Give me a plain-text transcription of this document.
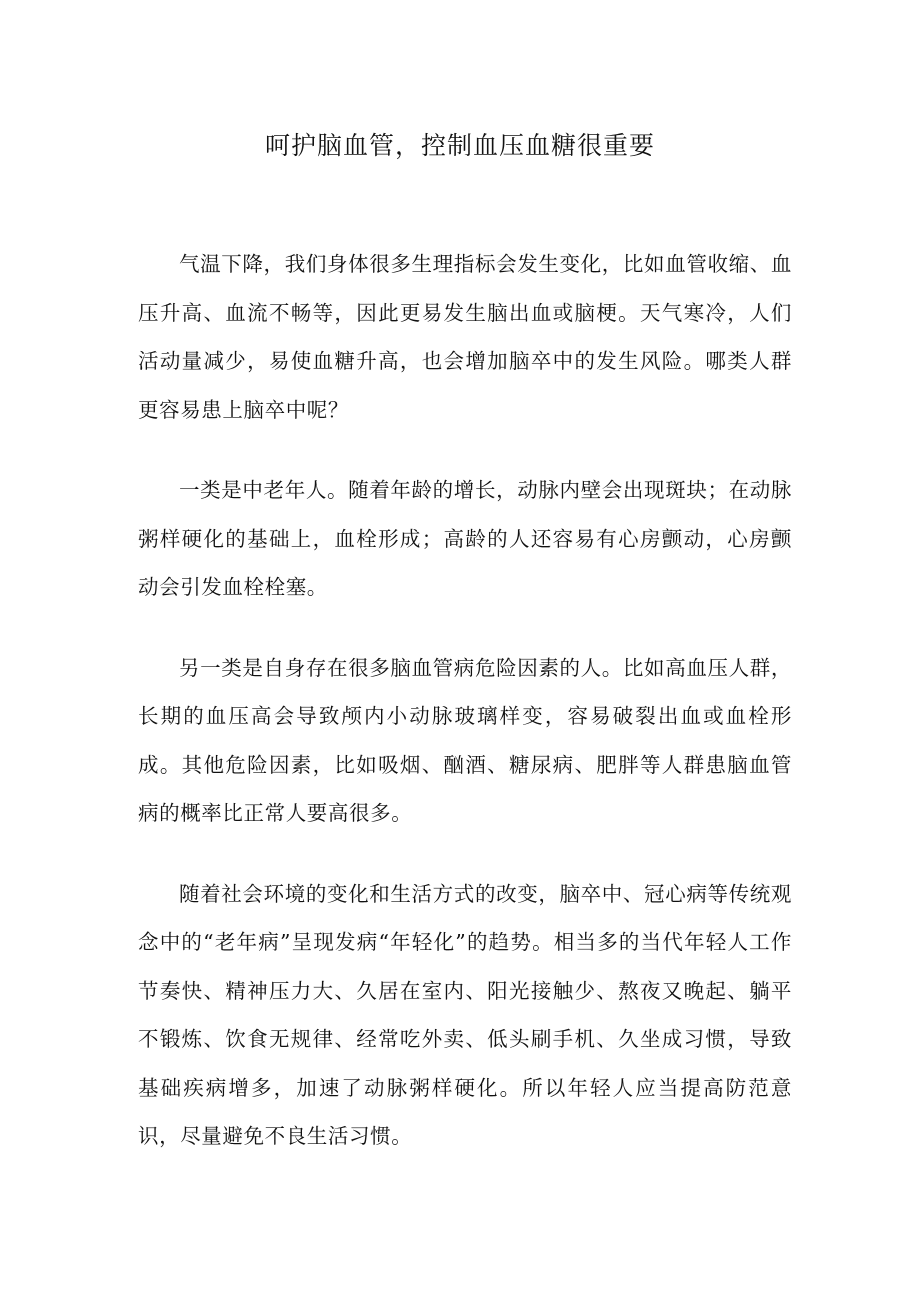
呵护脑血管，控制血压血糖很重要

气温下降，我们身体很多生理指标会发生变化，比如血管收缩、血压升高、血流不畅等，因此更易发生脑出血或脑梗。天气寒冷，人们活动量减少，易使血糖升高，也会增加脑卒中的发生风险。哪类人群更容易患上脑卒中呢？

一类是中老年人。随着年龄的增长，动脉内壁会出现斑块；在动脉粥样硬化的基础上，血栓形成；高龄的人还容易有心房颤动，心房颤动会引发血栓栓塞。

另一类是自身存在很多脑血管病危险因素的人。比如高血压人群，长期的血压高会导致颅内小动脉玻璃样变，容易破裂出血或血栓形成。其他危险因素，比如吸烟、酗酒、糖尿病、肥胖等人群患脑血管病的概率比正常人要高很多。

随着社会环境的变化和生活方式的改变，脑卒中、冠心病等传统观念中的“老年病”呈现发病“年轻化”的趋势。相当多的当代年轻人工作节奏快、精神压力大、久居在室内、阳光接触少、熬夜又晚起、躺平不锻炼、饮食无规律、经常吃外卖、低头刷手机、久坐成习惯，导致基础疾病增多，加速了动脉粥样硬化。所以年轻人应当提高防范意识，尽量避免不良生活习惯。
